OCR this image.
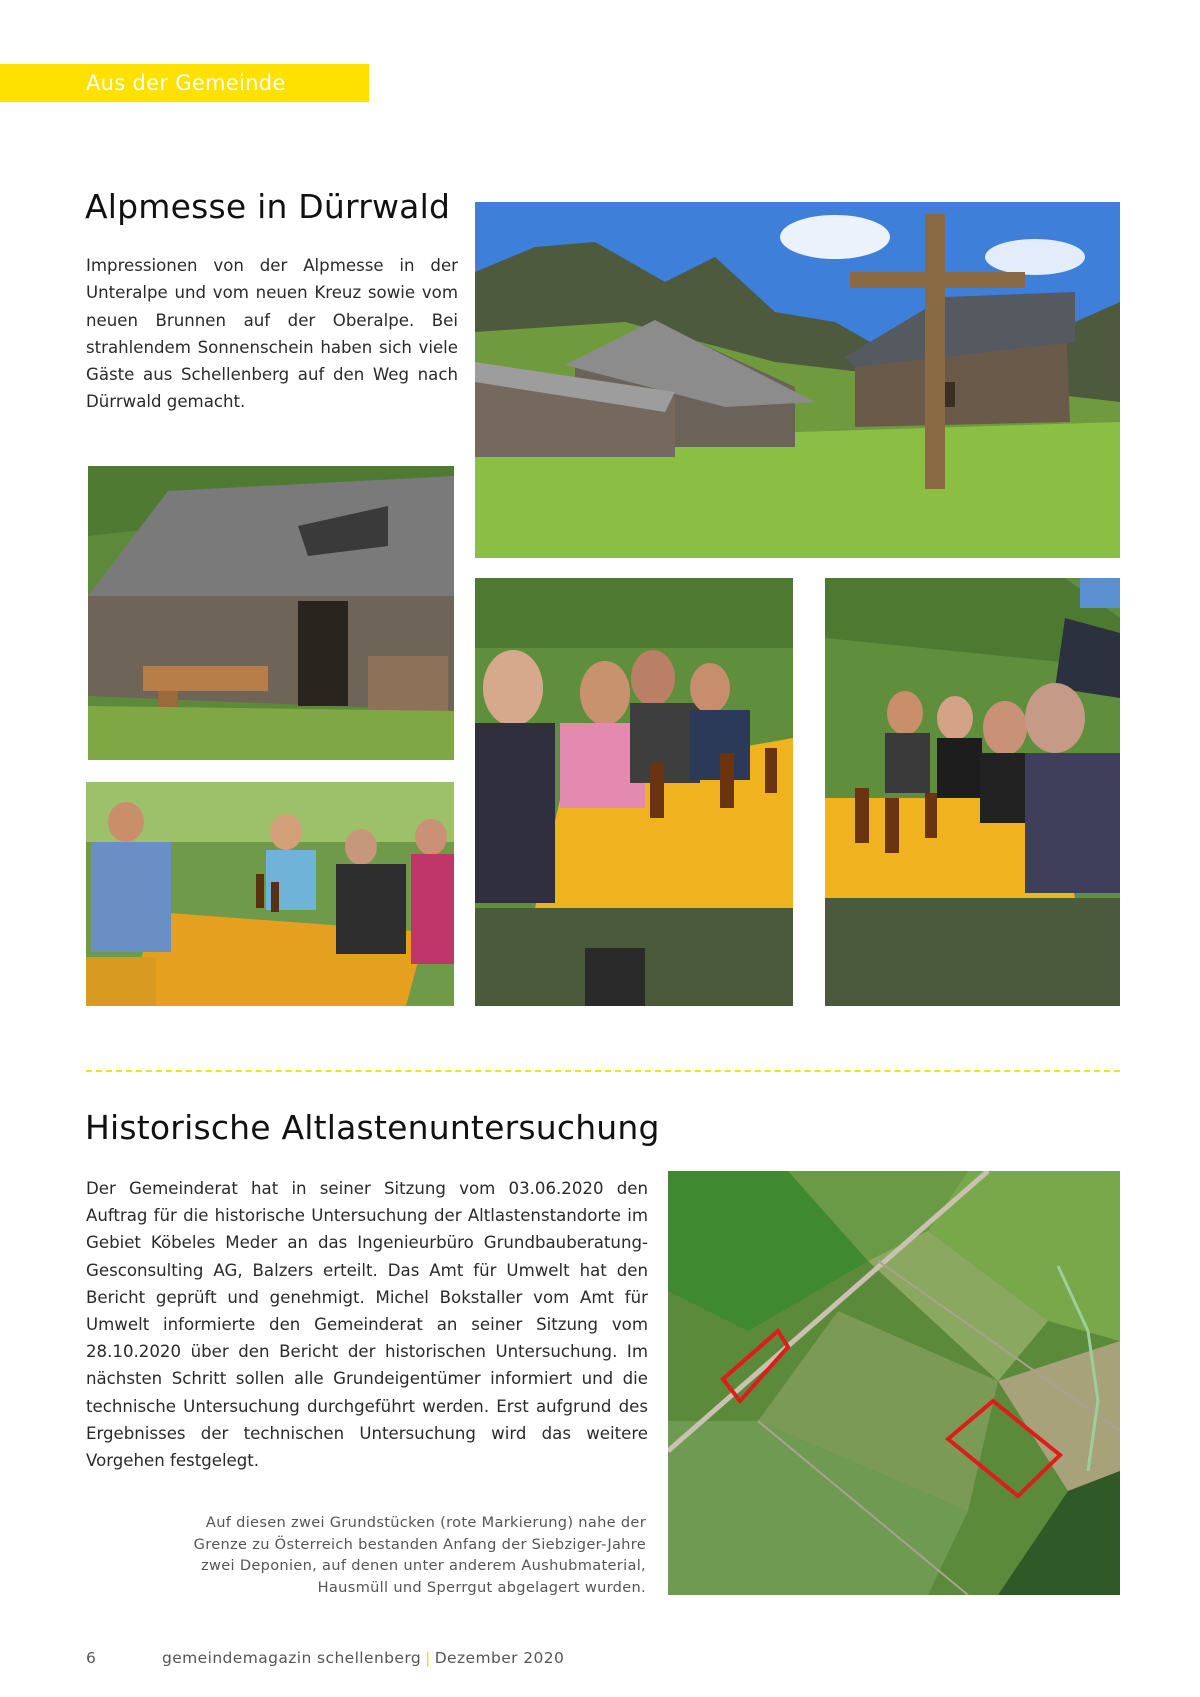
Aus der Gemeinde
Alpmesse in Dürrwald

Impressionen von der Alpmesse in der Unteralpe und vom neuen Kreuz sowie vom neuen Brunnen auf der Oberalpe. Bei strahlendem Sonnenschein haben sich viele Gäste aus Schellenberg auf den Weg nach Dürrwald gemacht.

Historische Altlastenuntersuchung

Der Gemeinderat hat in seiner Sitzung vom 03.06.2020 den Auftrag für die historische Untersuchung der Altlastenstandorte im Gebiet Köbeles Meder an das Ingenieurbüro Grundbauberatung-Gesconsulting AG, Balzers erteilt. Das Amt für Umwelt hat den Bericht geprüft und genehmigt. Michel Bokstaller vom Amt für Umwelt informierte den Gemeinderat an seiner Sitzung vom 28.10.2020 über den Bericht der historischen Untersuchung. Im nächsten Schritt sollen alle Grundeigentümer informiert und die technische Untersuchung durchgeführt werden. Erst aufgrund des Ergebnisses der technischen Untersuchung wird das weitere Vorgehen festgelegt.

Auf diesen zwei Grundstücken (rote Markierung) nahe der Grenze zu Österreich bestanden Anfang der Siebziger-Jahre zwei Deponien, auf denen unter anderem Aushubmaterial, Hausmüll und Sperrgut abgelagert wurden.

6	gemeindemagazin schellenberg | Dezember 2020
